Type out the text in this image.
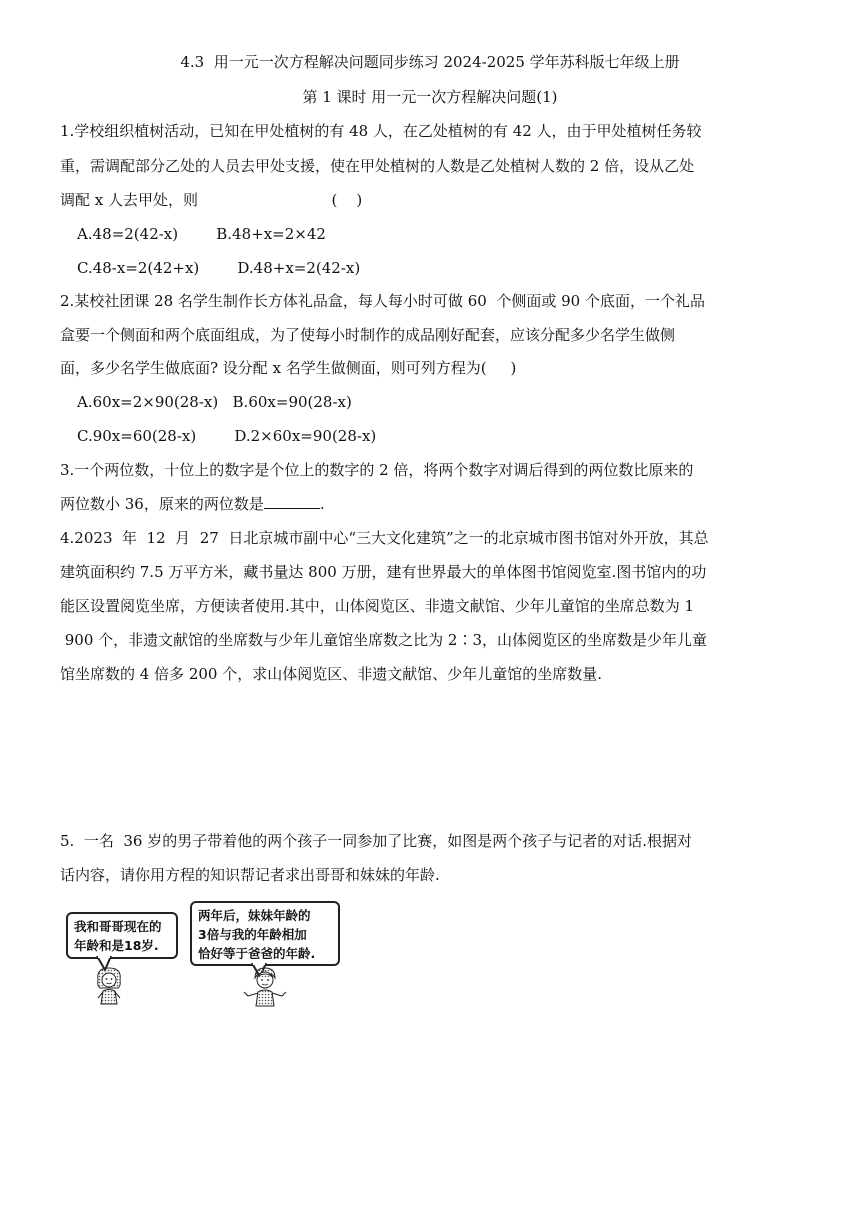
4.3  用一元一次方程解决问题同步练习 2024-2025 学年苏科版七年级上册
第 1 课时 用一元一次方程解决问题(1)
1.学校组织植树活动，已知在甲处植树的有 48 人，在乙处植树的有 42 人，由于甲处植树任务较
重，需调配部分乙处的人员去甲处支援，使在甲处植树的人数是乙处植树人数的 2 倍，设从乙处
调配 x 人去甲处，则                            (    )
A.48=2(42-x)        B.48+x=2×42
C.48-x=2(42+x)        D.48+x=2(42-x)
2.某校社团课 28 名学生制作长方体礼品盒，每人每小时可做 60  个侧面或 90 个底面，一个礼品
盒要一个侧面和两个底面组成，为了使每小时制作的成品刚好配套，应该分配多少名学生做侧
面，多少名学生做底面? 设分配 x 名学生做侧面，则可列方程为(     )
A.60x=2×90(28-x)   B.60x=90(28-x)
C.90x=60(28-x)        D.2×60x=90(28-x)
3.一个两位数，十位上的数字是个位上的数字的 2 倍，将两个数字对调后得到的两位数比原来的
两位数小 36，原来的两位数是	.
4.2023  年  12  月  27  日北京城市副中心“三大文化建筑”之一的北京城市图书馆对外开放，其总
建筑面积约 7.5 万平方米，藏书量达 800 万册，建有世界最大的单体图书馆阅览室.图书馆内的功
能区设置阅览坐席，方便读者使用.其中，山体阅览区、非遗文献馆、少年儿童馆的坐席总数为 1
900 个，非遗文献馆的坐席数与少年儿童馆坐席数之比为 2∶3，山体阅览区的坐席数是少年儿童
馆坐席数的 4 倍多 200 个，求山体阅览区、非遗文献馆、少年儿童馆的坐席数量.
5.  一名  36 岁的男子带着他的两个孩子一同参加了比赛，如图是两个孩子与记者的对话.根据对
话内容，请你用方程的知识帮记者求出哥哥和妹妹的年龄.
我和哥哥现在的
年龄和是18岁.
两年后，妹妹年龄的
3倍与我的年龄相加
恰好等于爸爸的年龄.
